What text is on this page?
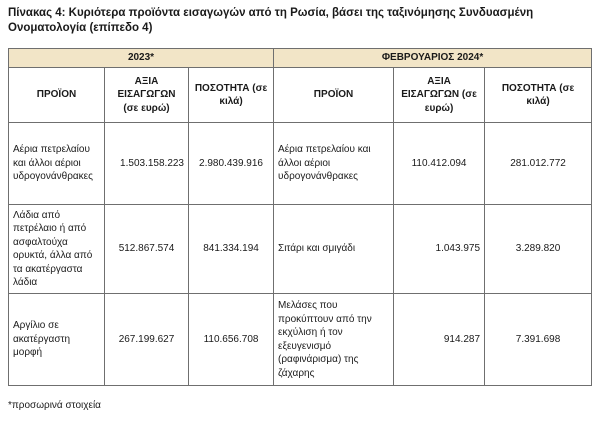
Πίνακας 4: Κυριότερα προϊόντα εισαγωγών από τη Ρωσία, βάσει της ταξινόμησης Συνδυασμένη Ονοματολογία (επίπεδο 4)
2023*			ΦΕΒΡΟΥΑΡΙΟΣ 2024*		
ΠΡΟΪΟΝ	ΑΞΙΑ ΕΙΣΑΓΩΓΩΝ (σε ευρώ)	ΠΟΣΟΤΗΤΑ (σε κιλά)	ΠΡΟΪΟΝ	ΑΞΙΑ ΕΙΣΑΓΩΓΩΝ (σε ευρώ)	ΠΟΣΟΤΗΤΑ (σε κιλά)
Αέρια πετρελαίου και άλλοι αέριοι υδρογονάνθρακες	1.503.158.223	2.980.439.916	Αέρια πετρελαίου και άλλοι αέριοι υδρογονάνθρακες	110.412.094	281.012.772
Λάδια από πετρέλαιο ή από ασφαλτούχα ορυκτά, άλλα από τα ακατέργαστα λάδια	512.867.574	841.334.194	Σιτάρι και σμιγάδι	1.043.975	3.289.820
Αργίλιο σε ακατέργαστη μορφή	267.199.627	110.656.708	Μελάσες που προκύπτουν από την εκχύλιση ή τον εξευγενισμό (ραφινάρισμα) της ζάχαρης	914.287	7.391.698
*προσωρινά στοιχεία
